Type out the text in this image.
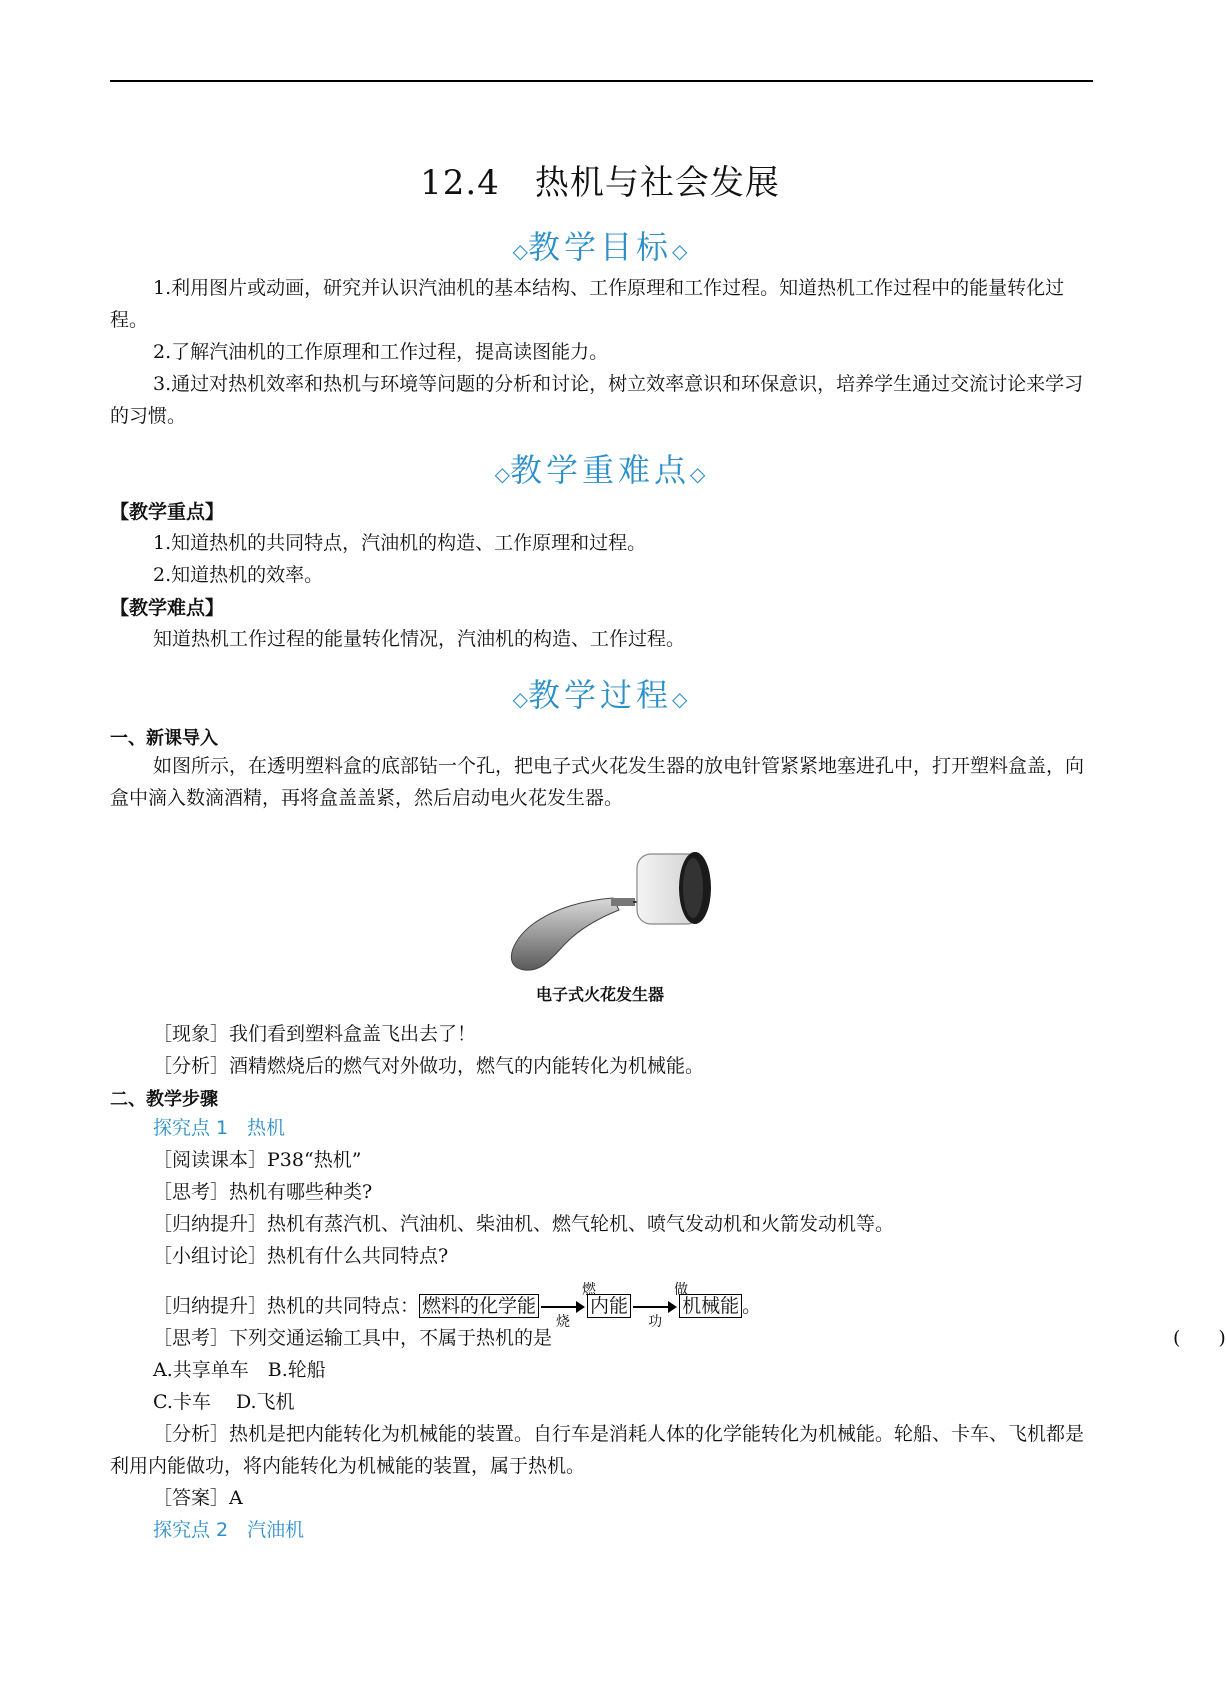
12.4　热机与社会发展
◇教学目标◇
1.利用图片或动画，研究并认识汽油机的基本结构、工作原理和工作过程。知道热机工作过程中的能量转化过程。
2.了解汽油机的工作原理和工作过程，提高读图能力。
3.通过对热机效率和热机与环境等问题的分析和讨论，树立效率意识和环保意识，培养学生通过交流讨论来学习的习惯。
◇教学重难点◇
【教学重点】
1.知道热机的共同特点，汽油机的构造、工作原理和过程。
2.知道热机的效率。
【教学难点】
知道热机工作过程的能量转化情况，汽油机的构造、工作过程。
◇教学过程◇
一、新课导入
如图所示，在透明塑料盒的底部钻一个孔，把电子式火花发生器的放电针管紧紧地塞进孔中，打开塑料盒盖，向盒中滴入数滴酒精，再将盒盖盖紧，然后启动电火花发生器。
电子式火花发生器
［现象］我们看到塑料盒盖飞出去了！
［分析］酒精燃烧后的燃气对外做功，燃气的内能转化为机械能。
二、教学步骤
探究点 1　热机
［阅读课本］P38“热机”
［思考］热机有哪些种类?
［归纳提升］热机有蒸汽机、汽油机、柴油机、燃气轮机、喷气发动机和火箭发动机等。
［小组讨论］热机有什么共同特点?
［归纳提升］热机的共同特点： 燃料的化学能
燃烧
内能
做功
机械能 。
［思考］下列交通运输工具中，不属于热机的是	(　　)
A.共享单车　B.轮船
C.卡车　 D.飞机
［分析］热机是把内能转化为机械能的装置。自行车是消耗人体的化学能转化为机械能。轮船、卡车、飞机都是利用内能做功，将内能转化为机械能的装置，属于热机。
［答案］A
探究点 2　汽油机
